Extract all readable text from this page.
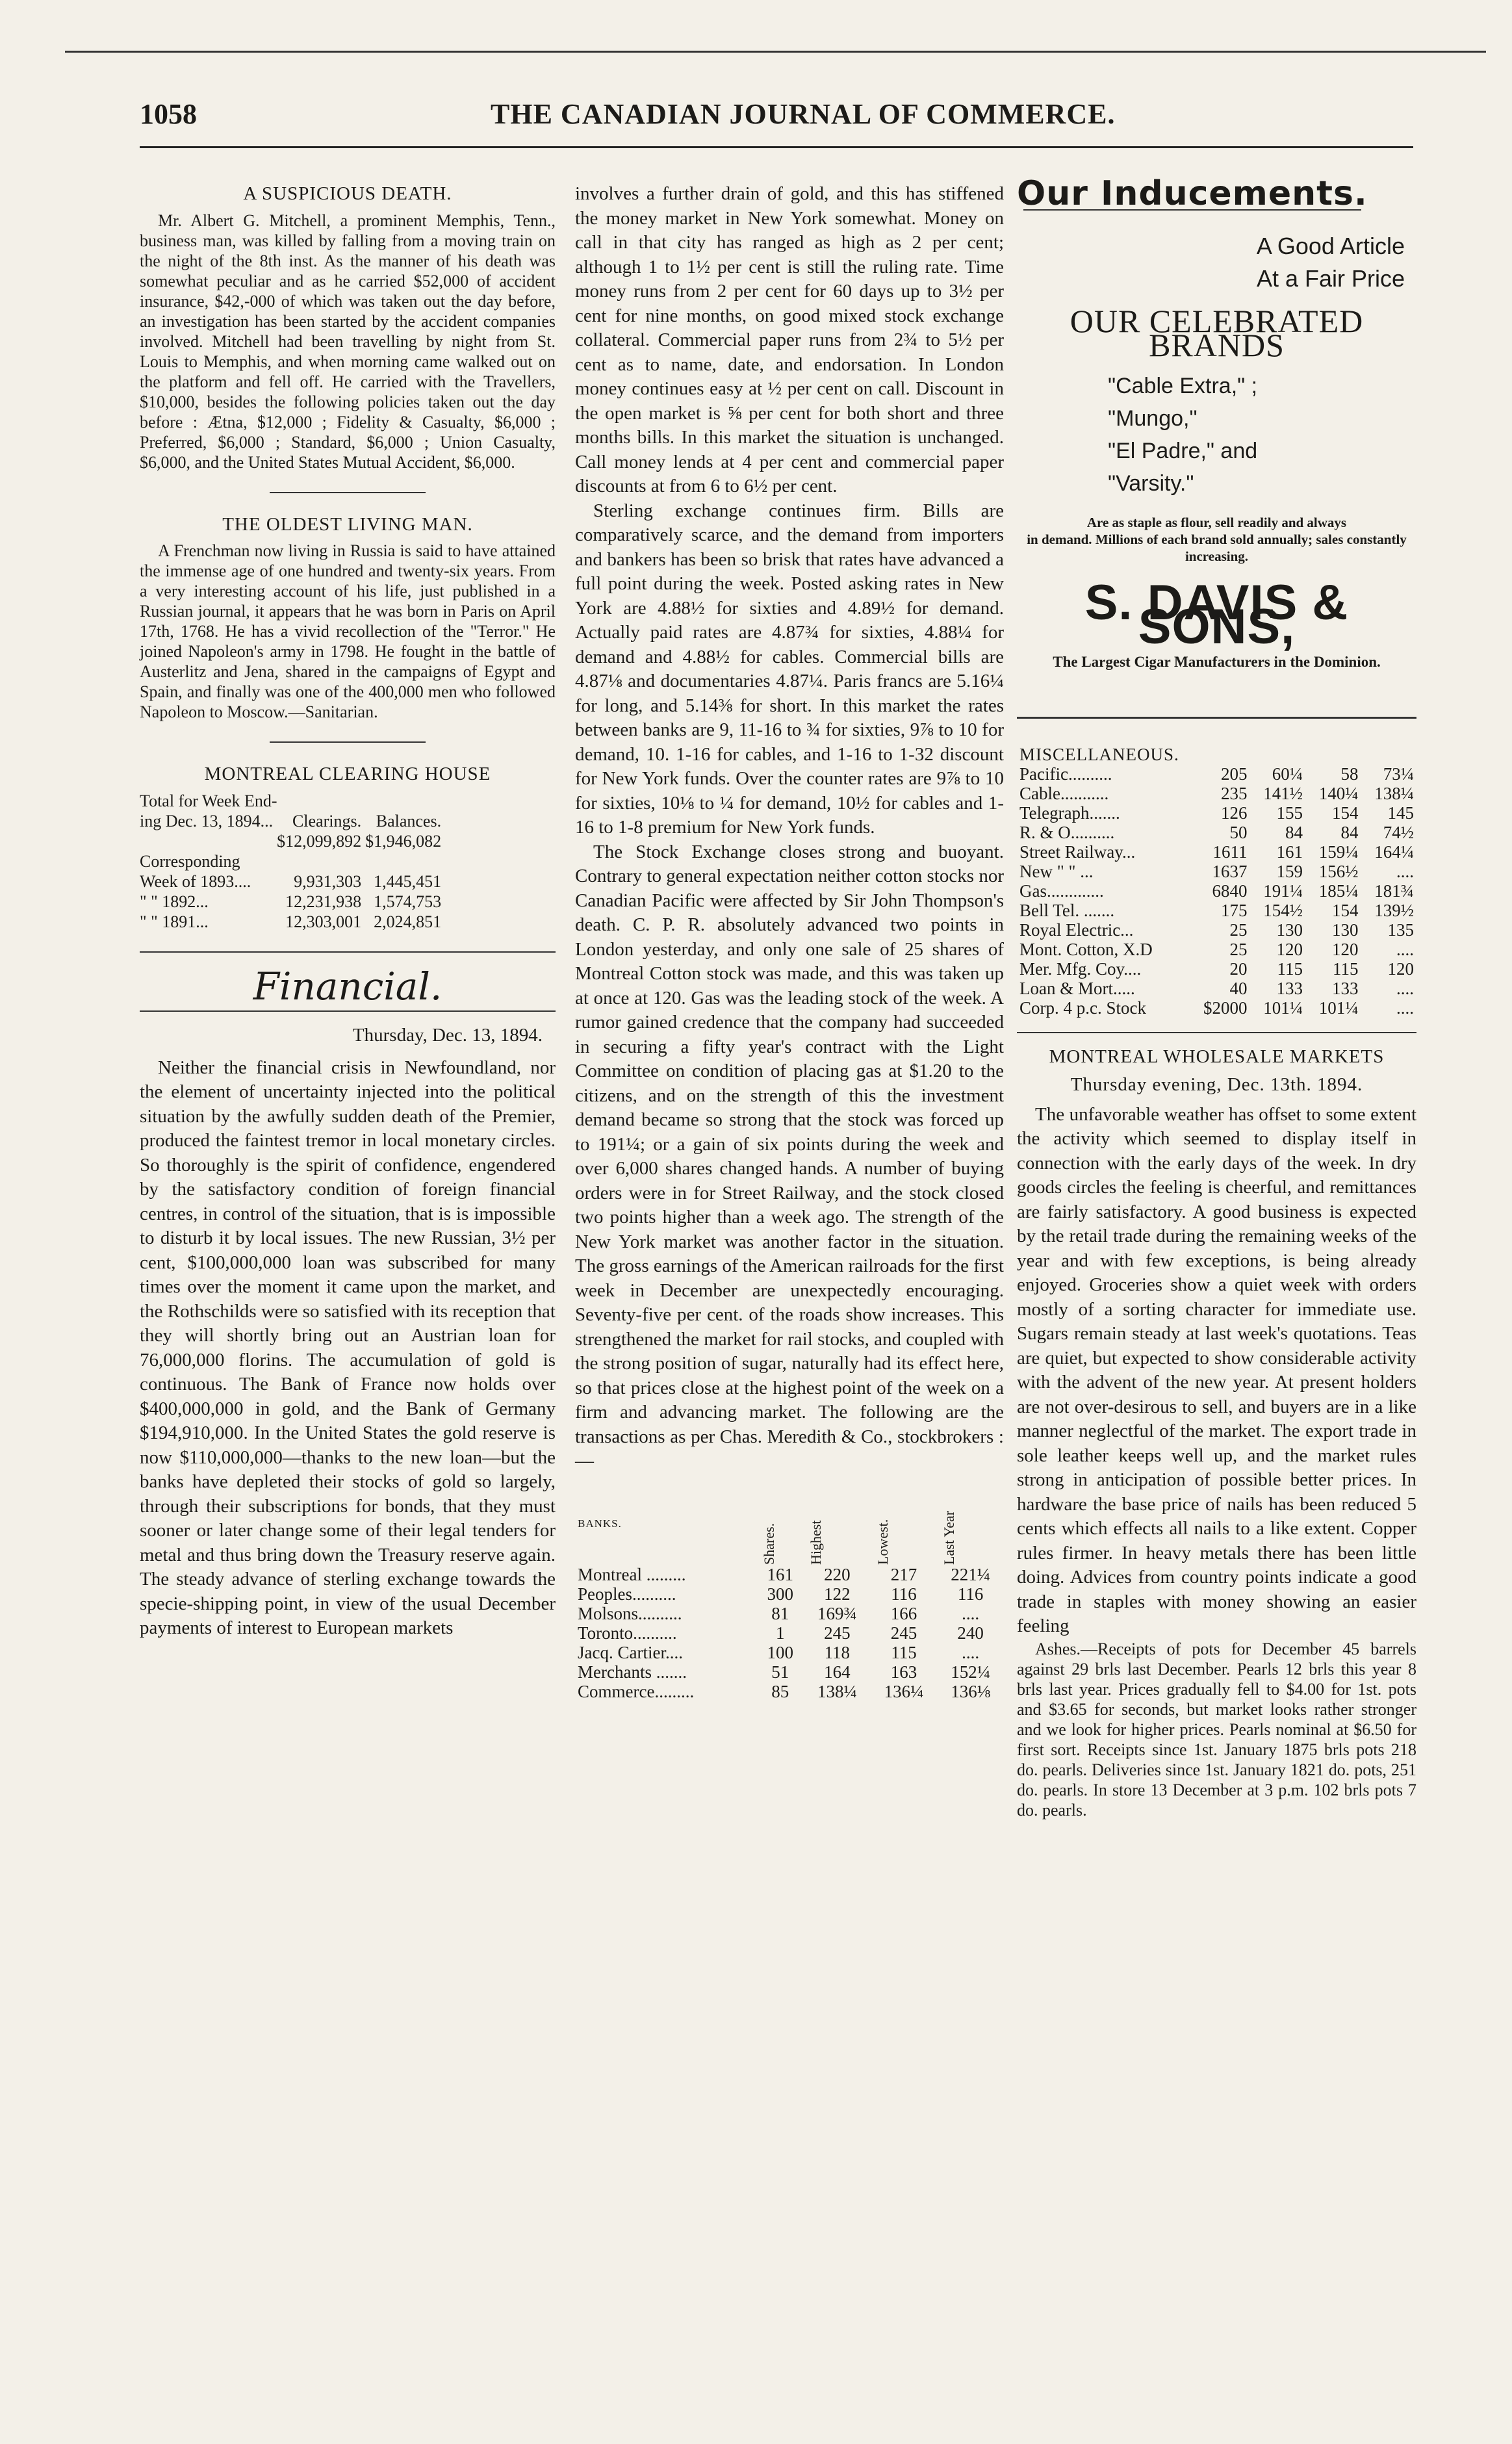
1058	THE CANADIAN JOURNAL OF COMMERCE.
A SUSPICIOUS DEATH.

Mr. Albert G. Mitchell, a prominent Memphis, Tenn., business man, was killed by falling from a moving train on the night of the 8th inst. As the manner of his death was somewhat peculiar and as he carried $52,000 of accident insurance, $42,-000 of which was taken out the day before, an investigation has been started by the accident companies involved. Mitchell had been travelling by night from St. Louis to Memphis, and when morning came walked out on the platform and fell off. He carried with the Travellers, $10,000, besides the following policies taken out the day before : Ætna, $12,000 ; Fidelity & Casualty, $6,000 ; Preferred, $6,000 ; Standard, $6,000 ; Union Casualty, $6,000, and the United States Mutual Accident, $6,000.

THE OLDEST LIVING MAN.

A Frenchman now living in Russia is said to have attained the immense age of one hundred and twenty-six years. From a very interesting account of his life, just published in a Russian journal, it appears that he was born in Paris on April 17th, 1768. He has a vivid recollection of the "Terror." He joined Napoleon's army in 1798. He fought in the battle of Austerlitz and Jena, shared in the campaigns of Egypt and Spain, and finally was one of the 400,000 men who followed Napoleon to Moscow.—Sanitarian.

MONTREAL CLEARING HOUSE
Total for Week End-		
ing Dec. 13, 1894...	Clearings.	Balances.
	$12,099,892	$1,946,082
Corresponding		
Week of 1893....	9,931,303	1,445,451
" " 1892...	12,231,938	1,574,753
" " 1891...	12,303,001	2,024,851
Financial.
Thursday, Dec. 13, 1894.

Neither the financial crisis in Newfoundland, nor the element of uncertainty injected into the political situation by the awfully sudden death of the Premier, produced the faintest tremor in local monetary circles. So thoroughly is the spirit of confidence, engendered by the satisfactory condition of foreign financial centres, in control of the situation, that is is impossible to disturb it by local issues. The new Russian, 3½ per cent, $100,000,000 loan was subscribed for many times over the moment it came upon the market, and the Rothschilds were so satisfied with its reception that they will shortly bring out an Austrian loan for 76,000,000 florins. The accumulation of gold is continuous. The Bank of France now holds over $400,000,000 in gold, and the Bank of Germany $194,910,000. In the United States the gold reserve is now $110,000,000—thanks to the new loan—but the banks have depleted their stocks of gold so largely, through their subscriptions for bonds, that they must sooner or later change some of their legal tenders for metal and thus bring down the Treasury reserve again. The steady advance of sterling exchange towards the specie-shipping point, in view of the usual December payments of interest to European markets

involves a further drain of gold, and this has stiffened the money market in New York somewhat. Money on call in that city has ranged as high as 2 per cent; although 1 to 1½ per cent is still the ruling rate. Time money runs from 2 per cent for 60 days up to 3½ per cent for nine months, on good mixed stock exchange collateral. Commercial paper runs from 2¾ to 5½ per cent as to name, date, and endorsation. In London money continues easy at ½ per cent on call. Discount in the open market is ⅝ per cent for both short and three months bills. In this market the situation is unchanged. Call money lends at 4 per cent and commercial paper discounts at from 6 to 6½ per cent.

Sterling exchange continues firm. Bills are comparatively scarce, and the demand from importers and bankers has been so brisk that rates have advanced a full point during the week. Posted asking rates in New York are 4.88½ for sixties and 4.89½ for demand. Actually paid rates are 4.87¾ for sixties, 4.88¼ for demand and 4.88½ for cables. Commercial bills are 4.87⅛ and documentaries 4.87¼. Paris francs are 5.16¼ for long, and 5.14⅜ for short. In this market the rates between banks are 9, 11-16 to ¾ for sixties, 9⅞ to 10 for demand, 10. 1-16 for cables, and 1-16 to 1-32 discount for New York funds. Over the counter rates are 9⅞ to 10 for sixties, 10⅛ to ¼ for demand, 10½ for cables and 1-16 to 1-8 premium for New York funds.

The Stock Exchange closes strong and buoyant. Contrary to general expectation neither cotton stocks nor Canadian Pacific were affected by Sir John Thompson's death. C. P. R. absolutely advanced two points in London yesterday, and only one sale of 25 shares of Montreal Cotton stock was made, and this was taken up at once at 120. Gas was the leading stock of the week. A rumor gained credence that the company had succeeded in securing a fifty year's contract with the Light Committee on condition of placing gas at $1.20 to the citizens, and on the strength of this the investment demand became so strong that the stock was forced up to 191¼; or a gain of six points during the week and over 6,000 shares changed hands. A number of buying orders were in for Street Railway, and the stock closed two points higher than a week ago. The strength of the New York market was another factor in the situation. The gross earnings of the American railroads for the first week in December are unexpectedly encouraging. Seventy-five per cent. of the roads show increases. This strengthened the market for rail stocks, and coupled with the strong position of sugar, naturally had its effect here, so that prices close at the highest point of the week on a firm and advancing market. The following are the transactions as per Chas. Meredith & Co., stockbrokers :—

BANKS.	Shares.	Highest	Lowest.	Last Year

Montreal .........	161	220	217	221¼
Peoples..........	300	122	116	116
Molsons..........	81	169¾	166	....
Toronto..........	1	245	245	240
Jacq. Cartier....	100	118	115	....
Merchants .......	51	164	163	152¼
Commerce.........	85	138¼	136¼	136⅛
Our Inducements.
A Good Article
At a Fair Price
OUR CELEBRATED BRANDS
"Cable Extra," ;
"Mungo,"
"El Padre," and
"Varsity."
Are as staple as flour, sell readily and always
in demand. Millions of each brand sold annually; sales constantly increasing.
S. DAVIS & SONS,
The Largest Cigar Manufacturers in the Dominion.
MISCELLANEOUS.				
Pacific..........	205	60¼	58	73¼
Cable...........	235	141½	140¼	138¼
Telegraph.......	126	155	154	145
R. & O..........	50	84	84	74½
Street Railway...	1611	161	159¼	164¼
New " " ...	1637	159	156½	....
Gas.............	6840	191¼	185¼	181¾
Bell Tel. .......	175	154½	154	139½
Royal Electric...	25	130	130	135
Mont. Cotton, X.D	25	120	120	....
Mer. Mfg. Coy....	20	115	115	120
Loan & Mort.....	40	133	133	....
Corp. 4 p.c. Stock	$2000	101¼	101¼	....
MONTREAL WHOLESALE MARKETS
Thursday evening, Dec. 13th. 1894.

The unfavorable weather has offset to some extent the activity which seemed to display itself in connection with the early days of the week. In dry goods circles the feeling is cheerful, and remittances are fairly satisfactory. A good business is expected by the retail trade during the remaining weeks of the year and with few exceptions, is being already enjoyed. Groceries show a quiet week with orders mostly of a sorting character for immediate use. Sugars remain steady at last week's quotations. Teas are quiet, but expected to show considerable activity with the advent of the new year. At present holders are not over-desirous to sell, and buyers are in a like manner neglectful of the market. The export trade in sole leather keeps well up, and the market rules strong in anticipation of possible better prices. In hardware the base price of nails has been reduced 5 cents which effects all nails to a like extent. Copper rules firmer. In heavy metals there has been little doing. Advices from country points indicate a good trade in staples with money showing an easier feeling

Ashes.—Receipts of pots for December 45 barrels against 29 brls last December. Pearls 12 brls this year 8 brls last year. Prices gradually fell to $4.00 for 1st. pots and $3.65 for seconds, but market looks rather stronger and we look for higher prices. Pearls nominal at $6.50 for first sort. Receipts since 1st. January 1875 brls pots 218 do. pearls. Deliveries since 1st. January 1821 do. pots, 251 do. pearls. In store 13 December at 3 p.m. 102 brls pots 7 do. pearls.
